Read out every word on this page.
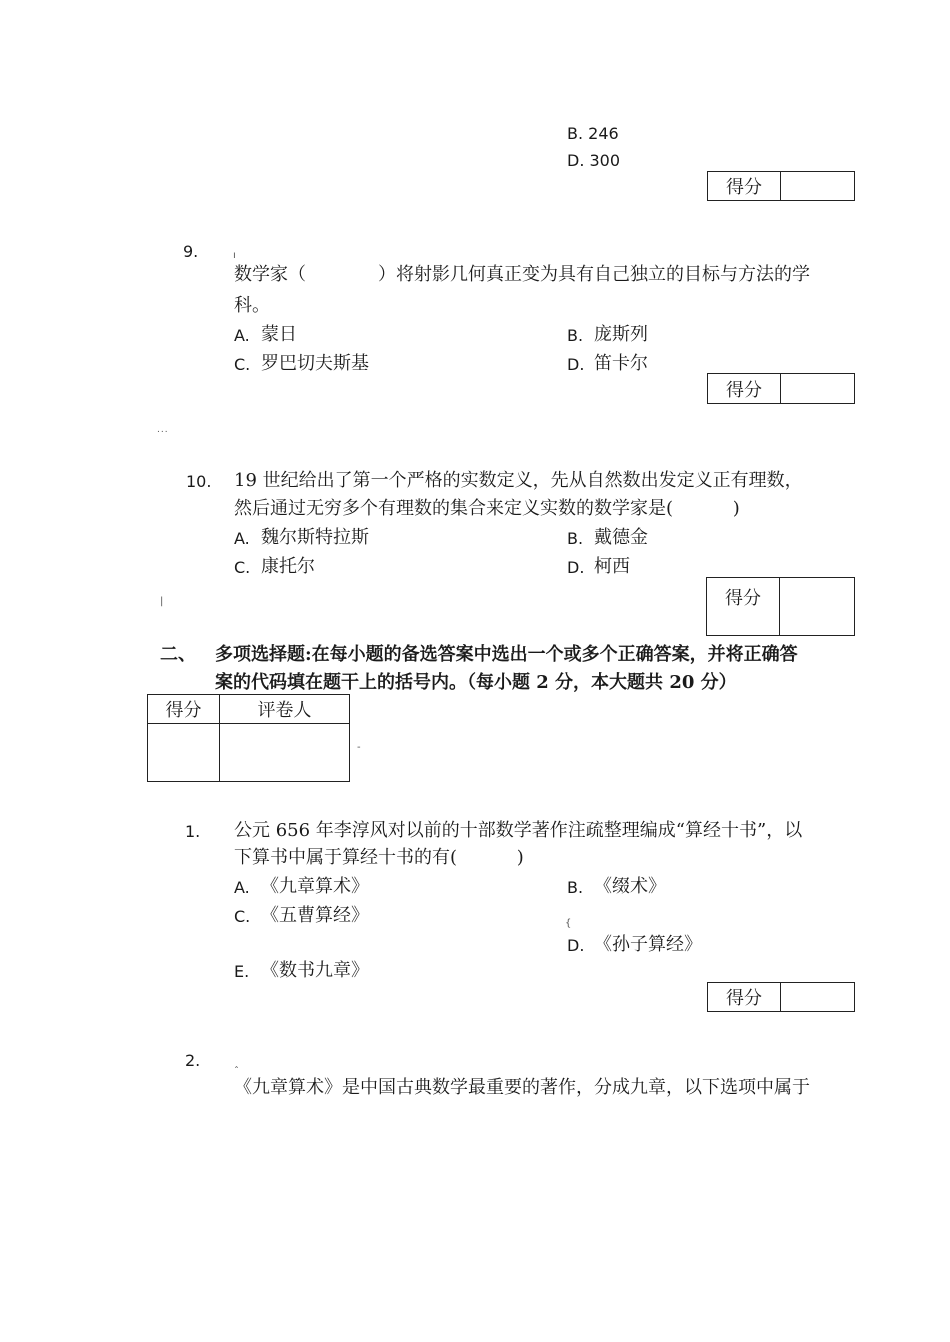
B. 246
D. 300
得分
9.	ı
数学家（　　　　）将射影几何真正变为具有自己独立的目标与方法的学
科。
A. 蒙日	B. 庞斯列
C. 罗巴切夫斯基	D. 笛卡尔
得分
...
10. 19 世纪给出了第一个严格的实数定义，先从自然数出发定义正有理数，
然后通过无穷多个有理数的集合来定义实数的数学家是(　　　 )
A. 魏尔斯特拉斯	B. 戴德金
C. 康托尔	D. 柯西
|	得分
二、 多项选择题:在每小题的备选答案中选出一个或多个正确答案，并将正确答
案的代码填在题干上的括号内。（每小题 2 分，本大题共 20 分）
得分	评卷人
-
1. 公元 656 年李淳风对以前的十部数学著作注疏整理编成“算经十书”，以
下算书中属于算经十书的有(　　　 )
A. 《九章算术》	B. 《缀术》
C. 《五曹算经》	{
D. 《孙子算经》
E. 《数书九章》
得分
2.
ˆ
《九章算术》是中国古典数学最重要的著作，分成九章，以下选项中属于
